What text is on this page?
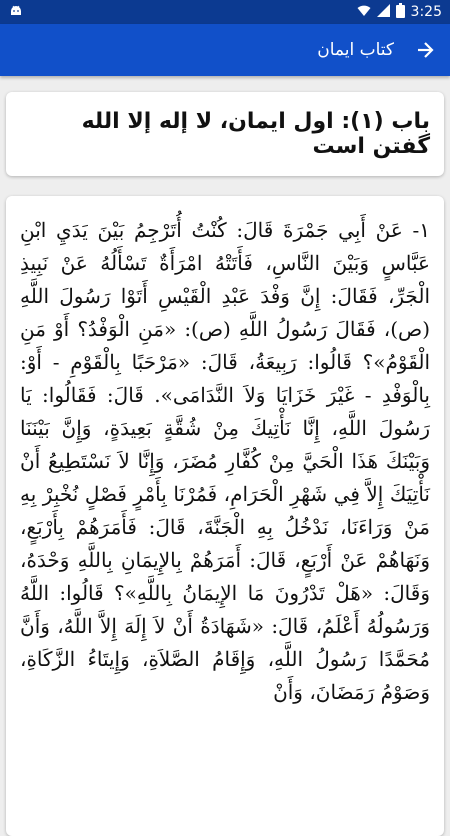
3:25
كتاب ايمان
باب (١): اول ايمان، لا إله إلا الله گفتن است

١- عَنْ أَبِي جَمْرَةَ قَالَ: كُنْتُ أُتَرْجِمُ بَيْنَ يَدَيِ ابْنِ عَبَّاسٍ وَبَيْنَ النَّاسِ، فَأَتَتْهُ امْرَأَةٌ تَسْأَلُهُ عَنْ نَبِيذِ الْجَرِّ، فَقَالَ: إِنَّ وَفْدَ عَبْدِ الْقَيْسِ أَتَوْا رَسُولَ اللَّهِ (ص)، فَقَالَ رَسُولُ اللَّهِ (ص): «مَنِ الْوَفْدُ؟ أَوْ مَنِ الْقَوْمُ»؟ قَالُوا: رَبِيعَةُ، قَالَ: «مَرْحَبًا بِالْقَوْمِ - أَوْ: بِالْوَفْدِ - غَيْرَ خَزَايَا وَلاَ النَّدَامَى». قَالَ: فَقَالُوا: يَا رَسُولَ اللَّهِ، إِنَّا نَأْتِيكَ مِنْ شُقَّةٍ بَعِيدَةٍ، وَإِنَّ بَيْنَنَا وَبَيْنَكَ هَذَا الْحَيَّ مِنْ كُفَّارِ مُضَرَ، وَإِنَّا لاَ نَسْتَطِيعُ أَنْ نَأْتِيَكَ إِلاَّ فِي شَهْرِ الْحَرَامِ، فَمُرْنَا بِأَمْرٍ فَصْلٍ نُخْبِرْ بِهِ مَنْ وَرَاءَنَا، نَدْخُلُ بِهِ الْجَنَّةَ، قَالَ: فَأَمَرَهُمْ بِأَرْبَعٍ، وَنَهَاهُمْ عَنْ أَرْبَعٍ، قَالَ: أَمَرَهُمْ بِالإِيمَانِ بِاللَّهِ وَحْدَهُ، وَقَالَ: «هَلْ تَدْرُونَ مَا الإِيمَانُ بِاللَّهِ»؟ قَالُوا: اللَّهُ وَرَسُولُهُ أَعْلَمُ، قَالَ: «شَهَادَةُ أَنْ لاَ إِلَهَ إِلاَّ اللَّهُ، وَأَنَّ مُحَمَّدًا رَسُولُ اللَّهِ، وَإِقَامُ الصَّلاَةِ، وَإِيتَاءُ الزَّكَاةِ، وَصَوْمُ رَمَضَانَ، وَأَنْ
